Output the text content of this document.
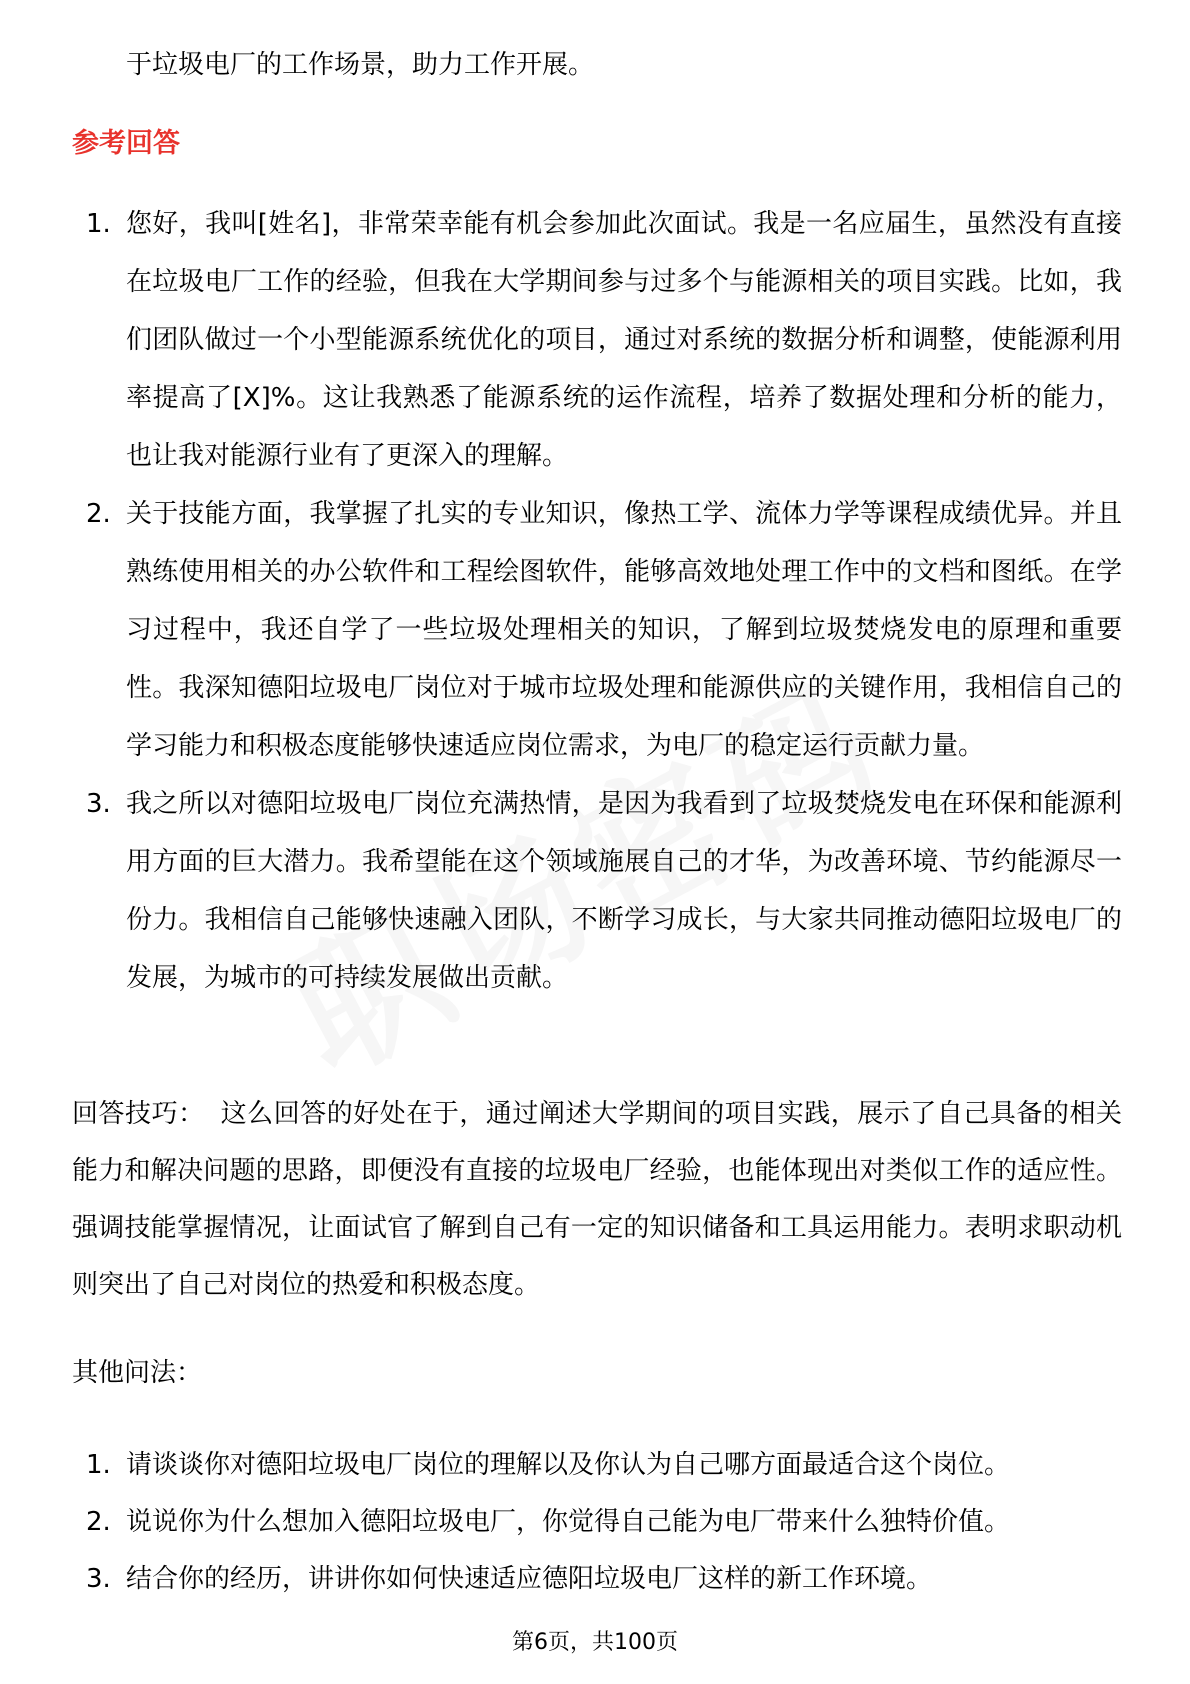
于垃圾电厂的工作场景，助力工作开展。
参考回答
1. 您好，我叫[姓名]，非常荣幸能有机会参加此次面试。我是一名应届生，虽然没有直接在垃圾电厂工作的经验，但我在大学期间参与过多个与能源相关的项目实践。比如，我们团队做过一个小型能源系统优化的项目，通过对系统的数据分析和调整，使能源利用率提高了[X]%。这让我熟悉了能源系统的运作流程，培养了数据处理和分析的能力，也让我对能源行业有了更深入的理解。
2. 关于技能方面，我掌握了扎实的专业知识，像热工学、流体力学等课程成绩优异。并且熟练使用相关的办公软件和工程绘图软件，能够高效地处理工作中的文档和图纸。在学习过程中，我还自学了一些垃圾处理相关的知识，了解到垃圾焚烧发电的原理和重要性。我深知德阳垃圾电厂岗位对于城市垃圾处理和能源供应的关键作用，我相信自己的学习能力和积极态度能够快速适应岗位需求，为电厂的稳定运行贡献力量。
3. 我之所以对德阳垃圾电厂岗位充满热情，是因为我看到了垃圾焚烧发电在环保和能源利用方面的巨大潜力。我希望能在这个领域施展自己的才华，为改善环境、节约能源尽一份力。我相信自己能够快速融入团队，不断学习成长，与大家共同推动德阳垃圾电厂的发展，为城市的可持续发展做出贡献。

回答技巧： 这么回答的好处在于，通过阐述大学期间的项目实践，展示了自己具备的相关能力和解决问题的思路，即便没有直接的垃圾电厂经验，也能体现出对类似工作的适应性。强调技能掌握情况，让面试官了解到自己有一定的知识储备和工具运用能力。表明求职动机则突出了自己对岗位的热爱和积极态度。

其他问法：
1. 请谈谈你对德阳垃圾电厂岗位的理解以及你认为自己哪方面最适合这个岗位。
2. 说说你为什么想加入德阳垃圾电厂，你觉得自己能为电厂带来什么独特价值。
3. 结合你的经历，讲讲你如何快速适应德阳垃圾电厂这样的新工作环境。
第6页，共100页
